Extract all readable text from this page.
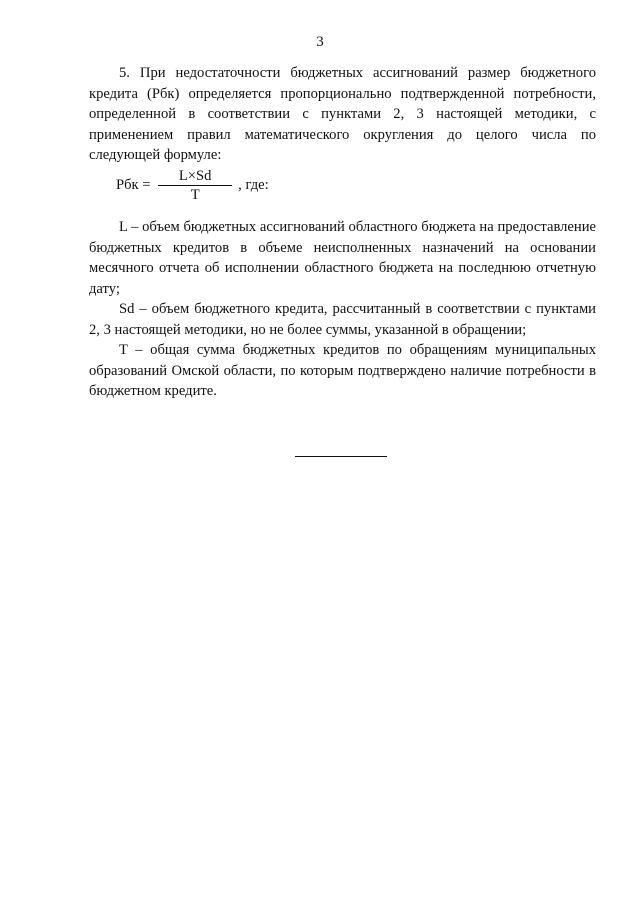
3

5. При недостаточности бюджетных ассигнований размер бюджетного кредита (Рбк) определяется пропорционально подтвержденной потребности, определенной в соответствии с пунктами 2, 3 настоящей методики, с применением правил математического округления до целого числа по следующей формуле:

Рбк = $\frac{L\times Sd}{T}$ , где:

L – объем бюджетных ассигнований областного бюджета на предоставление бюджетных кредитов в объеме неисполненных назначений на основании месячного отчета об исполнении областного бюджета на последнюю отчетную дату;

Sd – объем бюджетного кредита, рассчитанный в соответствии с пунктами 2, 3 настоящей методики, но не более суммы, указанной в обращении;

T – общая сумма бюджетных кредитов по обращениям муниципальных образований Омской области, по которым подтверждено наличие потребности в бюджетном кредите.
